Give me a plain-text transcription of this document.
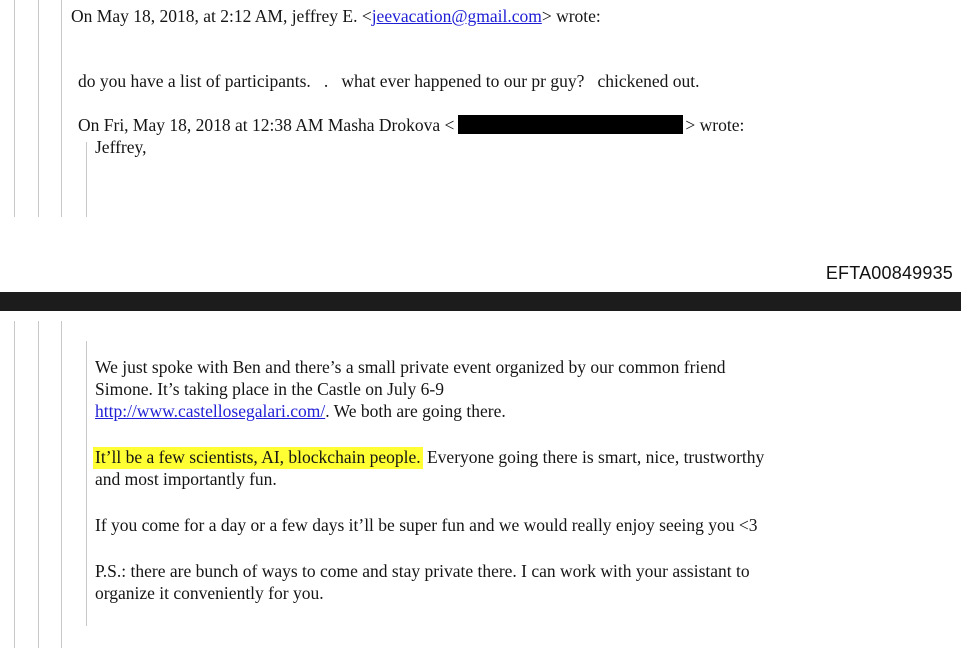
On May 18, 2018, at 2:12 AM, jeffrey E. <jeevacation@gmail.com> wrote:
do you have a list of participants.   .   what ever happened to our pr guy?   chickened out.
On Fri, May 18, 2018 at 12:38 AM Masha Drokova <	> wrote:
Jeffrey,
EFTA00849935
We just spoke with Ben and there’s a small private event organized by our common friend
Simone. It’s taking place in the Castle on July 6-9
http://www.castellosegalari.com/. We both are going there.
It’ll be a few scientists, AI, blockchain people. Everyone going there is smart, nice, trustworthy
and most importantly fun.
If you come for a day or a few days it’ll be super fun and we would really enjoy seeing you <3
P.S.: there are bunch of ways to come and stay private there. I can work with your assistant to
organize it conveniently for you.
